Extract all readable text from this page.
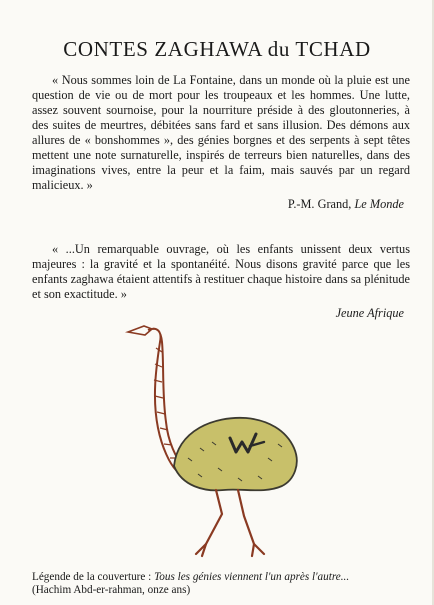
CONTES ZAGHAWA du TCHAD

« Nous sommes loin de La Fontaine, dans un monde où la pluie est une question de vie ou de mort pour les troupeaux et les hommes. Une lutte, assez souvent sournoise, pour la nourriture préside à des gloutonneries, à des suites de meurtres, débitées sans fard et sans illusion. Des démons aux allures de « bonshommes », des génies borgnes et des serpents à sept têtes mettent une note surnaturelle, inspirés de terreurs bien naturelles, dans des imaginations vives, entre la peur et la faim, mais sauvés par un regard malicieux. »

P.-M. Grand, Le Monde

« ...Un remarquable ouvrage, où les enfants unissent deux vertus majeures : la gravité et la spontanéité. Nous disons gravité parce que les enfants zaghawa étaient attentifs à restituer chaque histoire dans sa plénitude et son exactitude. »

Jeune Afrique

Légende de la couverture : Tous les génies viennent l'un après l'autre...
(Hachim Abd-er-rahman, onze ans)
